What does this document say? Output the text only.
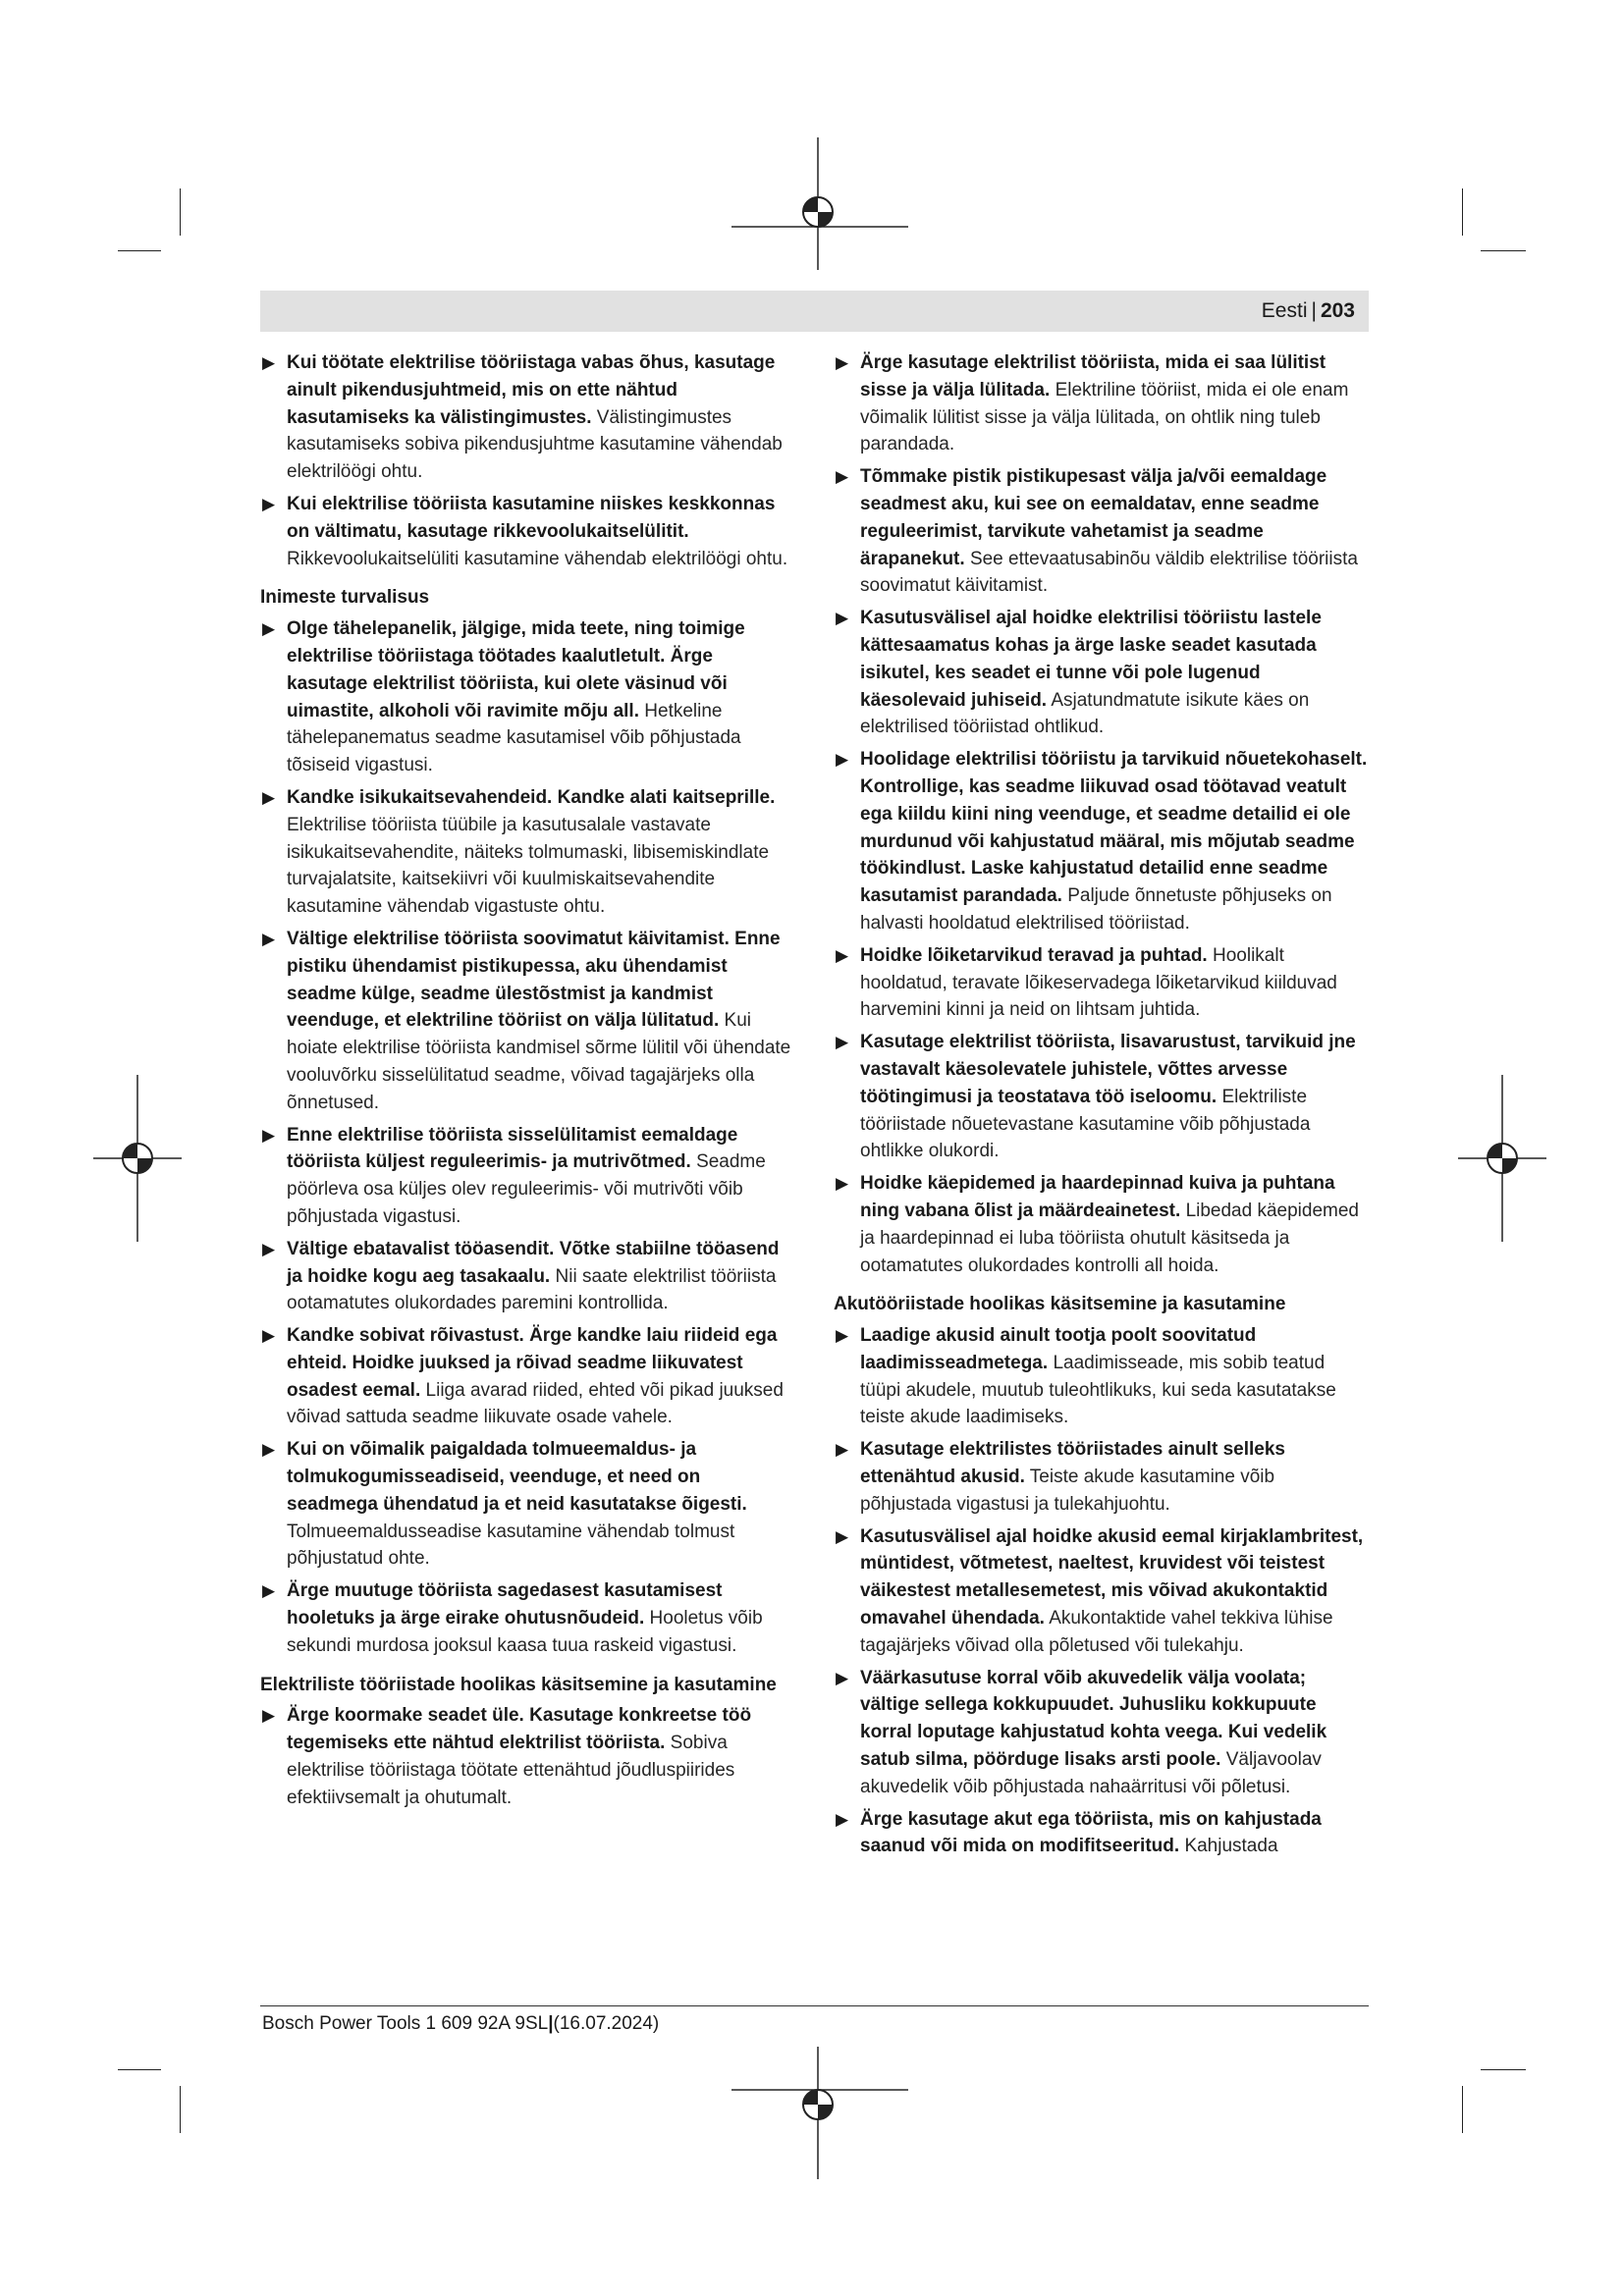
Eesti | 203
▶ Kui töötate elektrilise tööriistaga vabas õhus, kasutage ainult pikendusjuhtmeid, mis on ette nähtud kasutamiseks ka välistingimustes. Välistingimustes kasutamiseks sobiva pikendusjuhtme kasutamine vähendab elektrilöögi ohtu.
▶ Kui elektrilise tööriista kasutamine niiskes keskkonnas on vältimatu, kasutage rikkevoolukaitselülitit. Rikkevoolukaitselüliti kasutamine vähendab elektrilöögi ohtu.
Inimeste turvalisus
▶ Olge tähelepanelik, jälgige, mida teete, ning toimige elektrilise tööriistaga töötades kaalutletult. Ärge kasutage elektrilist tööriista, kui olete väsinud või uimastite, alkoholi või ravimite mõju all. Hetkeline tähelepanematus seadme kasutamisel võib põhjustada tõsiseid vigastusi.
▶ Kandke isikukaitsevahendeid. Kandke alati kaitseprille. Elektrilise tööriista tüübile ja kasutusalale vastavate isikukaitsevahendite, näiteks tolmumaski, libisemiskindlate turvajalatsite, kaitsekiivri või kuulmiskaitsevahendite kasutamine vähendab vigastuste ohtu.
▶ Vältige elektrilise tööriista soovimatut käivitamist. Enne pistiku ühendamist pistikupessa, aku ühendamist seadme külge, seadme ülestõstmist ja kandmist veenduge, et elektriline tööriist on välja lülitatud. Kui hoiate elektrilise tööriista kandmisel sõrme lülitil või ühendate vooluvõrku sisselülitatud seadme, võivad tagajärjeks olla õnnetused.
▶ Enne elektrilise tööriista sisselülitamist eemaldage tööriista küljest reguleerimis- ja mutrivõtmed. Seadme pöörleva osa küljes olev reguleerimis- või mutrivõti võib põhjustada vigastusi.
▶ Vältige ebatavalist tööasendit. Võtke stabiilne tööasend ja hoidke kogu aeg tasakaalu. Nii saate elektrilist tööriista ootamatutes olukordades paremini kontrollida.
▶ Kandke sobivat rõivastust. Ärge kandke laiu riideid ega ehteid. Hoidke juuksed ja rõivad seadme liikuvatest osadest eemal. Liiga avarad riided, ehted või pikad juuksed võivad sattuda seadme liikuvate osade vahele.
▶ Kui on võimalik paigaldada tolmueemaldus- ja tolmukogumisseadiseid, veenduge, et need on seadmega ühendatud ja et neid kasutatakse õigesti. Tolmueemaldusseadise kasutamine vähendab tolmust põhjustatud ohte.
▶ Ärge muutuge tööriista sagedasest kasutamisest hooletuks ja ärge eirake ohutusnõudeid. Hooletus võib sekundi murdosa jooksul kaasa tuua raskeid vigastusi.
Elektriliste tööriistade hoolikas käsitsemine ja kasutamine
▶ Ärge koormake seadet üle. Kasutage konkreetse töö tegemiseks ette nähtud elektrilist tööriista. Sobiva elektrilise tööriistaga töötate ettenähtud jõudluspiirides efektiivsemalt ja ohutumalt.
▶ Ärge kasutage elektrilist tööriista, mida ei saa lülitist sisse ja välja lülitada. Elektriline tööriist, mida ei ole enam võimalik lülitist sisse ja välja lülitada, on ohtlik ning tuleb parandada.
▶ Tõmmake pistik pistikupesast välja ja/või eemaldage seadmest aku, kui see on eemaldatav, enne seadme reguleerimist, tarvikute vahetamist ja seadme ärapanekut. See ettevaatusabinõu väldib elektrilise tööriista soovimatut käivitamist.
▶ Kasutusvälisel ajal hoidke elektrilisi tööriistu lastele kättesaamatus kohas ja ärge laske seadet kasutada isikutel, kes seadet ei tunne või pole lugenud käesolevaid juhiseid. Asjatundmatute isikute käes on elektrilised tööriistad ohtlikud.
▶ Hoolidage elektrilisi tööriistu ja tarvikuid nõuetekohaselt. Kontrollige, kas seadme liikuvad osad töötavad veatult ega kiildu kiini ning veenduge, et seadme detailid ei ole murdunud või kahjustatud määral, mis mõjutab seadme töökindlust. Laske kahjustatud detailid enne seadme kasutamist parandada. Paljude õnnetuste põhjuseks on halvasti hooldatud elektrilised tööriistad.
▶ Hoidke lõiketarvikud teravad ja puhtad. Hoolikalt hooldatud, teravate lõikeservadega lõiketarvikud kiilduvad harvemini kinni ja neid on lihtsam juhtida.
▶ Kasutage elektrilist tööriista, lisavarustust, tarvikuid jne vastavalt käesolevatele juhistele, võttes arvesse töötingimusi ja teostatava töö iseloomu. Elektriliste tööriistade nõuetevastane kasutamine võib põhjustada ohtlikke olukordi.
▶ Hoidke käepidemed ja haardepinnad kuiva ja puhtana ning vabana õlist ja määrdeainetest. Libedad käepidemed ja haardepinnad ei luba tööriista ohutult käsitseda ja ootamatutes olukordades kontrolli all hoida.
Akutööriistade hoolikas käsitsemine ja kasutamine
▶ Laadige akusid ainult tootja poolt soovitatud laadimisseadmetega. Laadimisseade, mis sobib teatud tüüpi akudele, muutub tuleohtlikuks, kui seda kasutatakse teiste akude laadimiseks.
▶ Kasutage elektrilistes tööriistades ainult selleks ettenähtud akusid. Teiste akude kasutamine võib põhjustada vigastusi ja tulekahjuohtu.
▶ Kasutusvälisel ajal hoidke akusid eemal kirjaklambritest, müntidest, võtmetest, naeltest, kruvidest või teistest väikestest metallesemetest, mis võivad akukontaktid omavahel ühendada. Akukontaktide vahel tekkiva lühise tagajärjeks võivad olla põletused või tulekahju.
▶ Väärkasutuse korral võib akuvedelik välja voolata; vältige sellega kokkupuudet. Juhusliku kokkupuute korral loputage kahjustatud kohta veega. Kui vedelik satub silma, pöörduge lisaks arsti poole. Väljavoolav akuvedelik võib põhjustada nahaärritusi või põletusi.
▶ Ärge kasutage akut ega tööriista, mis on kahjustada saanud või mida on modifitseeritud. Kahjustada
Bosch Power Tools 1 609 92A 9SL|(16.07.2024)
